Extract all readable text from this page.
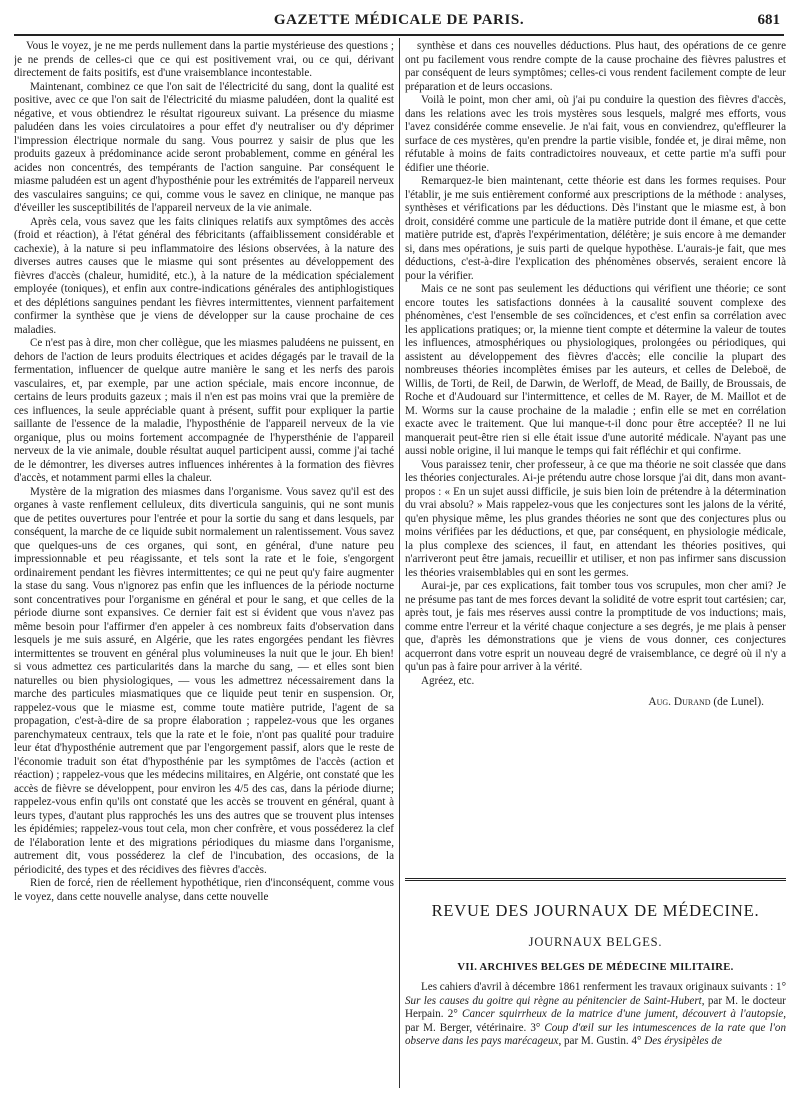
GAZETTE MÉDICALE DE PARIS.	681

Vous le voyez, je ne me perds nullement dans la partie mystérieuse des questions ; je ne prends de celles-ci que ce qui est positivement vrai, ou ce qui, dérivant directement de faits positifs, est d'une vraisemblance incontestable.

Maintenant, combinez ce que l'on sait de l'électricité du sang, dont la qualité est positive, avec ce que l'on sait de l'électricité du miasme paludéen, dont la qualité est négative, et vous obtiendrez le résultat rigoureux suivant. La présence du miasme paludéen dans les voies circulatoires a pour effet d'y neutraliser ou d'y déprimer l'impression électrique normale du sang. Vous pourrez y saisir de plus que les produits gazeux à prédominance acide seront probablement, comme en général les acides non concentrés, des tempérants de l'action sanguine. Par conséquent le miasme paludéen est un agent d'hyposthénie pour les extrémités de l'appareil nerveux des vasculaires sanguins; ce qui, comme vous le savez en clinique, ne manque pas d'éveiller les susceptibilités de l'appareil nerveux de la vie animale.

Après cela, vous savez que les faits cliniques relatifs aux symptômes des accès (froid et réaction), à l'état général des fébricitants (affaiblissement considérable et cachexie), à la nature si peu inflammatoire des lésions observées, à la nature des diverses autres causes que le miasme qui sont présentes au développement des fièvres d'accès (chaleur, humidité, etc.), à la nature de la médication spécialement employée (toniques), et enfin aux contre-indications générales des antiphlogistiques et des déplétions sanguines pendant les fièvres intermittentes, viennent parfaitement confirmer la synthèse que je viens de développer sur la cause prochaine de ces maladies.

Ce n'est pas à dire, mon cher collègue, que les miasmes paludéens ne puissent, en dehors de l'action de leurs produits électriques et acides dégagés par le travail de la fermentation, influencer de quelque autre manière le sang et les nerfs des parois vasculaires, et, par exemple, par une action spéciale, mais encore inconnue, de certains de leurs produits gazeux ; mais il n'en est pas moins vrai que la première de ces influences, la seule appréciable quant à présent, suffit pour expliquer la partie saillante de l'essence de la maladie, l'hyposthénie de l'appareil nerveux de la vie organique, plus ou moins fortement accompagnée de l'hypersthénie de l'appareil nerveux de la vie animale, double résultat auquel participent aussi, comme j'ai taché de le démontrer, les diverses autres influences inhérentes à la formation des fièvres d'accès, et notamment parmi elles la chaleur.

Mystère de la migration des miasmes dans l'organisme. Vous savez qu'il est des organes à vaste renflement celluleux, dits diverticula sanguinis, qui ne sont munis que de petites ouvertures pour l'entrée et pour la sortie du sang et dans lesquels, par conséquent, la marche de ce liquide subit normalement un ralentissement. Vous savez que quelques-uns de ces organes, qui sont, en général, d'une nature peu impressionnable et peu réagissante, et tels sont la rate et le foie, s'engorgent ordinairement pendant les fièvres intermittentes; ce qui ne peut qu'y faire augmenter la stase du sang. Vous n'ignorez pas enfin que les influences de la période nocturne sont concentratives pour l'organisme en général et pour le sang, et que celles de la période diurne sont expansives. Ce dernier fait est si évident que vous n'avez pas même besoin pour l'affirmer d'en appeler à ces nombreux faits d'observation dans lesquels je me suis assuré, en Algérie, que les rates engorgées pendant les fièvres intermittentes se trouvent en général plus volumineuses la nuit que le jour. Eh bien! si vous admettez ces particularités dans la marche du sang, — et elles sont bien naturelles ou bien physiologiques, — vous les admettrez nécessairement dans la marche des particules miasmatiques que ce liquide peut tenir en suspension. Or, rappelez-vous que le miasme est, comme toute matière putride, l'agent de sa propagation, c'est-à-dire de sa propre élaboration ; rappelez-vous que les organes parenchymateux centraux, tels que la rate et le foie, n'ont pas qualité pour traduire leur état d'hyposthénie autrement que par l'engorgement passif, alors que le reste de l'économie traduit son état d'hyposthénie par les symptômes de l'accès (action et réaction) ; rappelez-vous que les médecins militaires, en Algérie, ont constaté que les accès de fièvre se développent, pour environ les 4/5 des cas, dans la période diurne; rappelez-vous enfin qu'ils ont constaté que les accès se trouvent en général, quant à leurs types, d'autant plus rapprochés les uns des autres que se trouvent plus intenses les épidémies; rappelez-vous tout cela, mon cher confrère, et vous posséderez la clef de l'élaboration lente et des migrations périodiques du miasme dans l'organisme, autrement dit, vous posséderez la clef de l'incubation, des occasions, de la périodicité, des types et des récidives des fièvres d'accès.

Rien de forcé, rien de réellement hypothétique, rien d'inconséquent, comme vous le voyez, dans cette nouvelle analyse, dans cette nouvelle

synthèse et dans ces nouvelles déductions. Plus haut, des opérations de ce genre ont pu facilement vous rendre compte de la cause prochaine des fièvres palustres et par conséquent de leurs symptômes; celles-ci vous rendent facilement compte de leur préparation et de leurs occasions.

Voilà le point, mon cher ami, où j'ai pu conduire la question des fièvres d'accès, dans les relations avec les trois mystères sous lesquels, malgré mes efforts, vous l'avez considérée comme ensevelie. Je n'ai fait, vous en conviendrez, qu'effleurer la surface de ces mystères, qu'en prendre la partie visible, fondée et, je dirai même, non réfutable à moins de faits contradictoires nouveaux, et cette partie m'a suffi pour édifier une théorie.

Remarquez-le bien maintenant, cette théorie est dans les formes requises. Pour l'établir, je me suis entièrement conformé aux prescriptions de la méthode : analyses, synthèses et vérifications par les déductions. Dès l'instant que le miasme est, à bon droit, considéré comme une particule de la matière putride dont il émane, et que cette matière putride est, d'après l'expérimentation, délétère; je suis encore à me demander si, dans mes opérations, je suis parti de quelque hypothèse. L'aurais-je fait, que mes déductions, c'est-à-dire l'explication des phénomènes observés, seraient encore là pour la vérifier.

Mais ce ne sont pas seulement les déductions qui vérifient une théorie; ce sont encore toutes les satisfactions données à la causalité souvent complexe des phénomènes, c'est l'ensemble de ses coïncidences, et c'est enfin sa corrélation avec les applications pratiques; or, la mienne tient compte et détermine la valeur de toutes les influences, atmosphériques ou physiologiques, prolongées ou périodiques, qui assistent au développement des fièvres d'accès; elle concilie la plupart des nombreuses théories incomplètes émises par les auteurs, et celles de Deleboë, de Willis, de Torti, de Reil, de Darwin, de Werloff, de Mead, de Bailly, de Broussais, de Roche et d'Audouard sur l'intermittence, et celles de M. Rayer, de M. Maillot et de M. Worms sur la cause prochaine de la maladie ; enfin elle se met en corrélation exacte avec le traitement. Que lui manque-t-il donc pour être acceptée? Il ne lui manquerait peut-être rien si elle était issue d'une autorité médicale. N'ayant pas une aussi noble origine, il lui manque le temps qui fait réfléchir et qui confirme.

Vous paraissez tenir, cher professeur, à ce que ma théorie ne soit classée que dans les théories conjecturales. Ai-je prétendu autre chose lorsque j'ai dit, dans mon avant-propos : « En un sujet aussi difficile, je suis bien loin de prétendre à la détermination du vrai absolu? » Mais rappelez-vous que les conjectures sont les jalons de la vérité, qu'en physique même, les plus grandes théories ne sont que des conjectures plus ou moins vérifiées par les déductions, et que, par conséquent, en physiologie médicale, la plus complexe des sciences, il faut, en attendant les théories positives, qui n'arriveront peut être jamais, recueillir et utiliser, et non pas infirmer sans discussion les théories vraisemblables qui en sont les germes.

Aurai-je, par ces explications, fait tomber tous vos scrupules, mon cher ami? Je ne présume pas tant de mes forces devant la solidité de votre esprit tout cartésien; car, après tout, je fais mes réserves aussi contre la promptitude de vos inductions; mais, comme entre l'erreur et la vérité chaque conjecture a ses degrés, je me plais à penser que, d'après les démonstrations que je viens de vous donner, ces conjectures acquerront dans votre esprit un nouveau degré de vraisemblance, ce degré où il n'y a qu'un pas à faire pour arriver à la vérité.

Agréez, etc.

Aug. Durand (de Lunel).
REVUE DES JOURNAUX DE MÉDECINE.
JOURNAUX BELGES.
VII. ARCHIVES BELGES DE MÉDECINE MILITAIRE.
Les cahiers d'avril à décembre 1861 renferment les travaux originaux suivants : 1° Sur les causes du goitre qui règne au pénitencier de Saint-Hubert, par M. le docteur Herpain. 2° Cancer squirrheux de la matrice d'une jument, découvert à l'autopsie, par M. Berger, vétérinaire. 3° Coup d'œil sur les intumescences de la rate que l'on observe dans les pays marécageux, par M. Gustin. 4° Des érysipèles de
